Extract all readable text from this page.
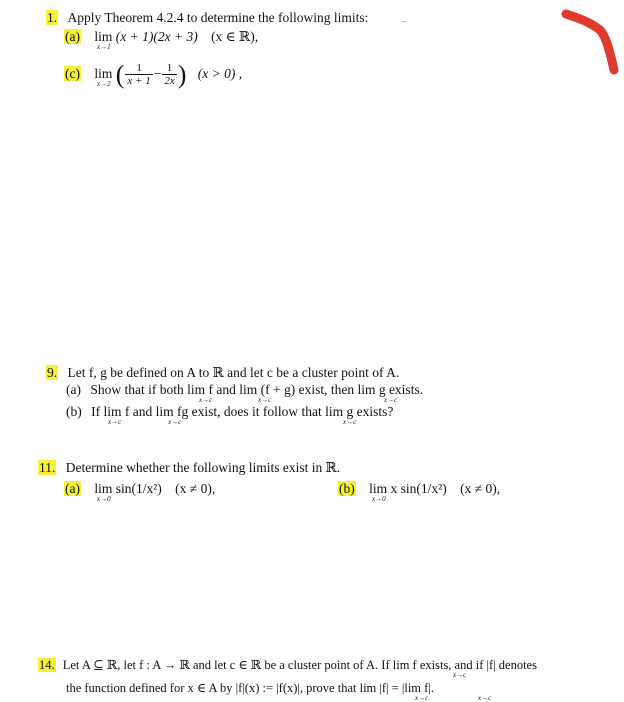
1. Apply Theorem 4.2.4 to determine the following limits:
(a) lim (x + 1)(2x + 3) (x ∈ ℝ),
x→1
(c) lim ( $\frac{1}{x + 1} - \frac{1}{2x}$ ) (x > 0) ,
x→2
9. Let f, g be defined on A to ℝ and let c be a cluster point of A.
(a) Show that if both lim f and lim (f + g) exist, then lim g exists.
x→c	x→c	x→c
(b) If lim f and lim fg exist, does it follow that lim g exists?
x→c	x→c	x→c
11. Determine whether the following limits exist in ℝ.
(a) lim sin(1/x²) (x ≠ 0),
x→0
(b) lim x sin(1/x²) (x ≠ 0),
x→0
14. Let A ⊆ ℝ, let f : A → ℝ and let c ∈ ℝ be a cluster point of A. If lim f exists, and if |f| denotes
x→c
the function defined for x ∈ A by |f|(x) := |f(x)|, prove that lim |f| = |lim f|.
x→c	x→c
